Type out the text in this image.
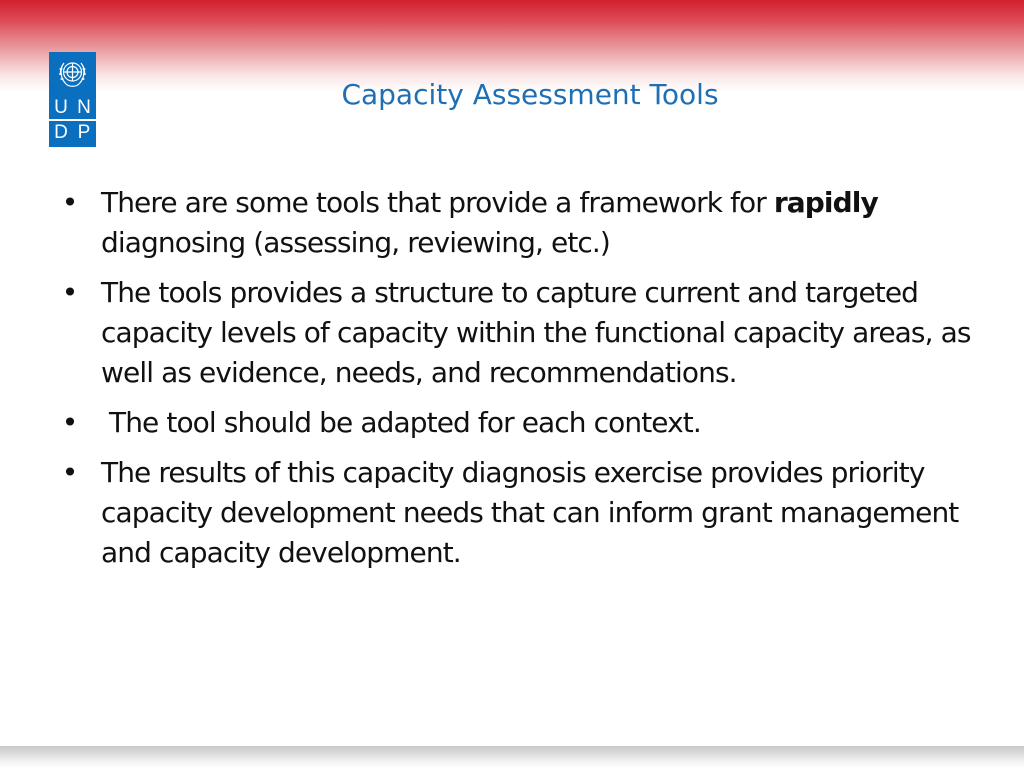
U N
D P
Capacity Assessment Tools
• There are some tools that provide a framework for rapidly diagnosing (assessing, reviewing, etc.)
• The tools provides a structure to capture current and targeted capacity levels of capacity within the functional capacity areas, as well as evidence, needs, and recommendations.
• The tool should be adapted for each context.
• The results of this capacity diagnosis exercise provides priority capacity development needs that can inform grant management and capacity development.
